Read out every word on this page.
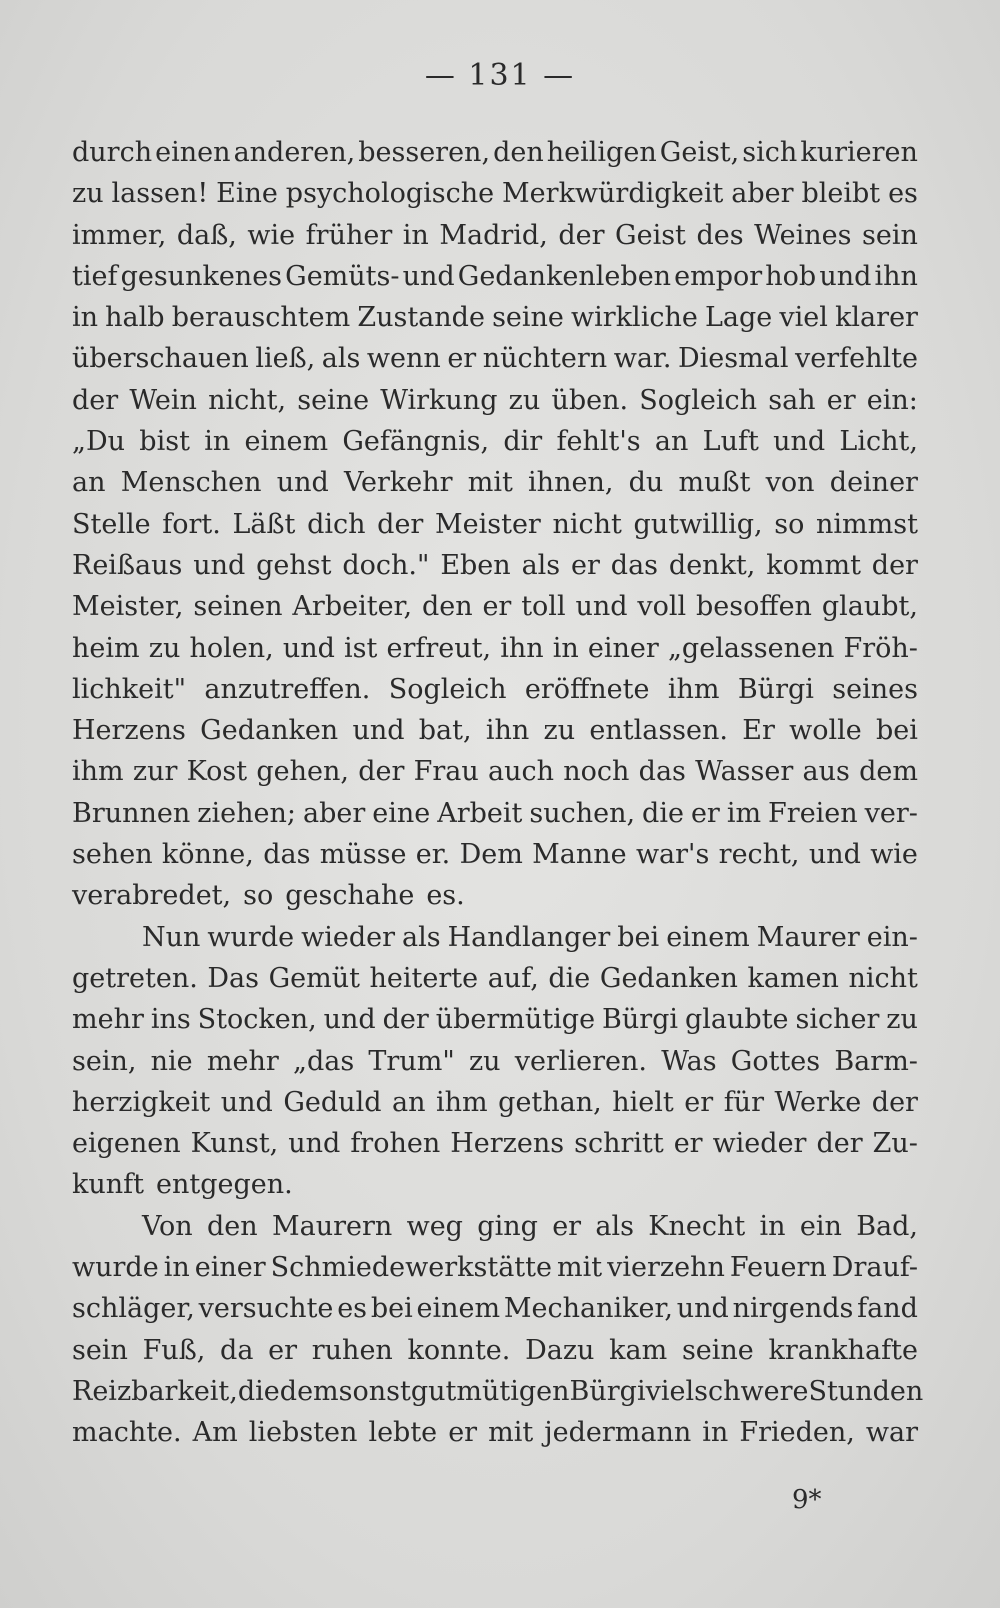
— 131 —
durch einen anderen, besseren, den heiligen Geist, sich kurieren
zu lassen! Eine psychologische Merkwürdigkeit aber bleibt es
immer, daß, wie früher in Madrid, der Geist des Weines sein
tief gesunkenes Gemüts- und Gedankenleben empor hob und ihn
in halb berauschtem Zustande seine wirkliche Lage viel klarer
überschauen ließ, als wenn er nüchtern war. Diesmal verfehlte
der Wein nicht, seine Wirkung zu üben. Sogleich sah er ein:
„Du bist in einem Gefängnis, dir fehlt's an Luft und Licht,
an Menschen und Verkehr mit ihnen, du mußt von deiner
Stelle fort. Läßt dich der Meister nicht gutwillig, so nimmst
Reißaus und gehst doch." Eben als er das denkt, kommt der
Meister, seinen Arbeiter, den er toll und voll besoffen glaubt,
heim zu holen, und ist erfreut, ihn in einer „gelassenen Fröh-
lichkeit" anzutreffen. Sogleich eröffnete ihm Bürgi seines
Herzens Gedanken und bat, ihn zu entlassen. Er wolle bei
ihm zur Kost gehen, der Frau auch noch das Wasser aus dem
Brunnen ziehen; aber eine Arbeit suchen, die er im Freien ver-
sehen könne, das müsse er. Dem Manne war's recht, und wie
verabredet, so geschahe es.
Nun wurde wieder als Handlanger bei einem Maurer ein-
getreten. Das Gemüt heiterte auf, die Gedanken kamen nicht
mehr ins Stocken, und der übermütige Bürgi glaubte sicher zu
sein, nie mehr „das Trum" zu verlieren. Was Gottes Barm-
herzigkeit und Geduld an ihm gethan, hielt er für Werke der
eigenen Kunst, und frohen Herzens schritt er wieder der Zu-
kunft entgegen.
Von den Maurern weg ging er als Knecht in ein Bad,
wurde in einer Schmiedewerkstätte mit vierzehn Feuern Drauf-
schläger, versuchte es bei einem Mechaniker, und nirgends fand
sein Fuß, da er ruhen konnte. Dazu kam seine krankhafte
Reizbarkeit, die dem sonst gutmütigen Bürgi viel schwere Stunden
machte. Am liebsten lebte er mit jedermann in Frieden, war
9*
